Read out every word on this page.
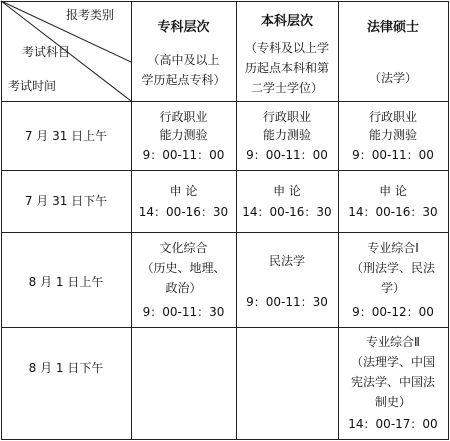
报考类别
考试科目
考试时间
专科层次
（高中及以上
学历起点专科）
本科层次
（专科及以上学
历起点本科和第
二学士学位）
法律硕士
（法学）
7 月 31 日上午
行政职业
能力测验
9：00-11：00
行政职业
能力测验
9：00-11：00
行政职业
能力测验
9：00-11：00
7 月 31 日下午
申 论
14：00-16：30
申 论
14：00-16：30
申 论
14：00-16：30
8 月 1 日上午
文化综合
（历史、地理、
政治）
9：00-11：30
民法学
9：00-11：30
专业综合Ⅰ
（刑法学、民法
学）
9：00-12：00
8 月 1 日下午
专业综合Ⅱ
（法理学、中国
宪法学、中国法
制史）
14：00-17：00
